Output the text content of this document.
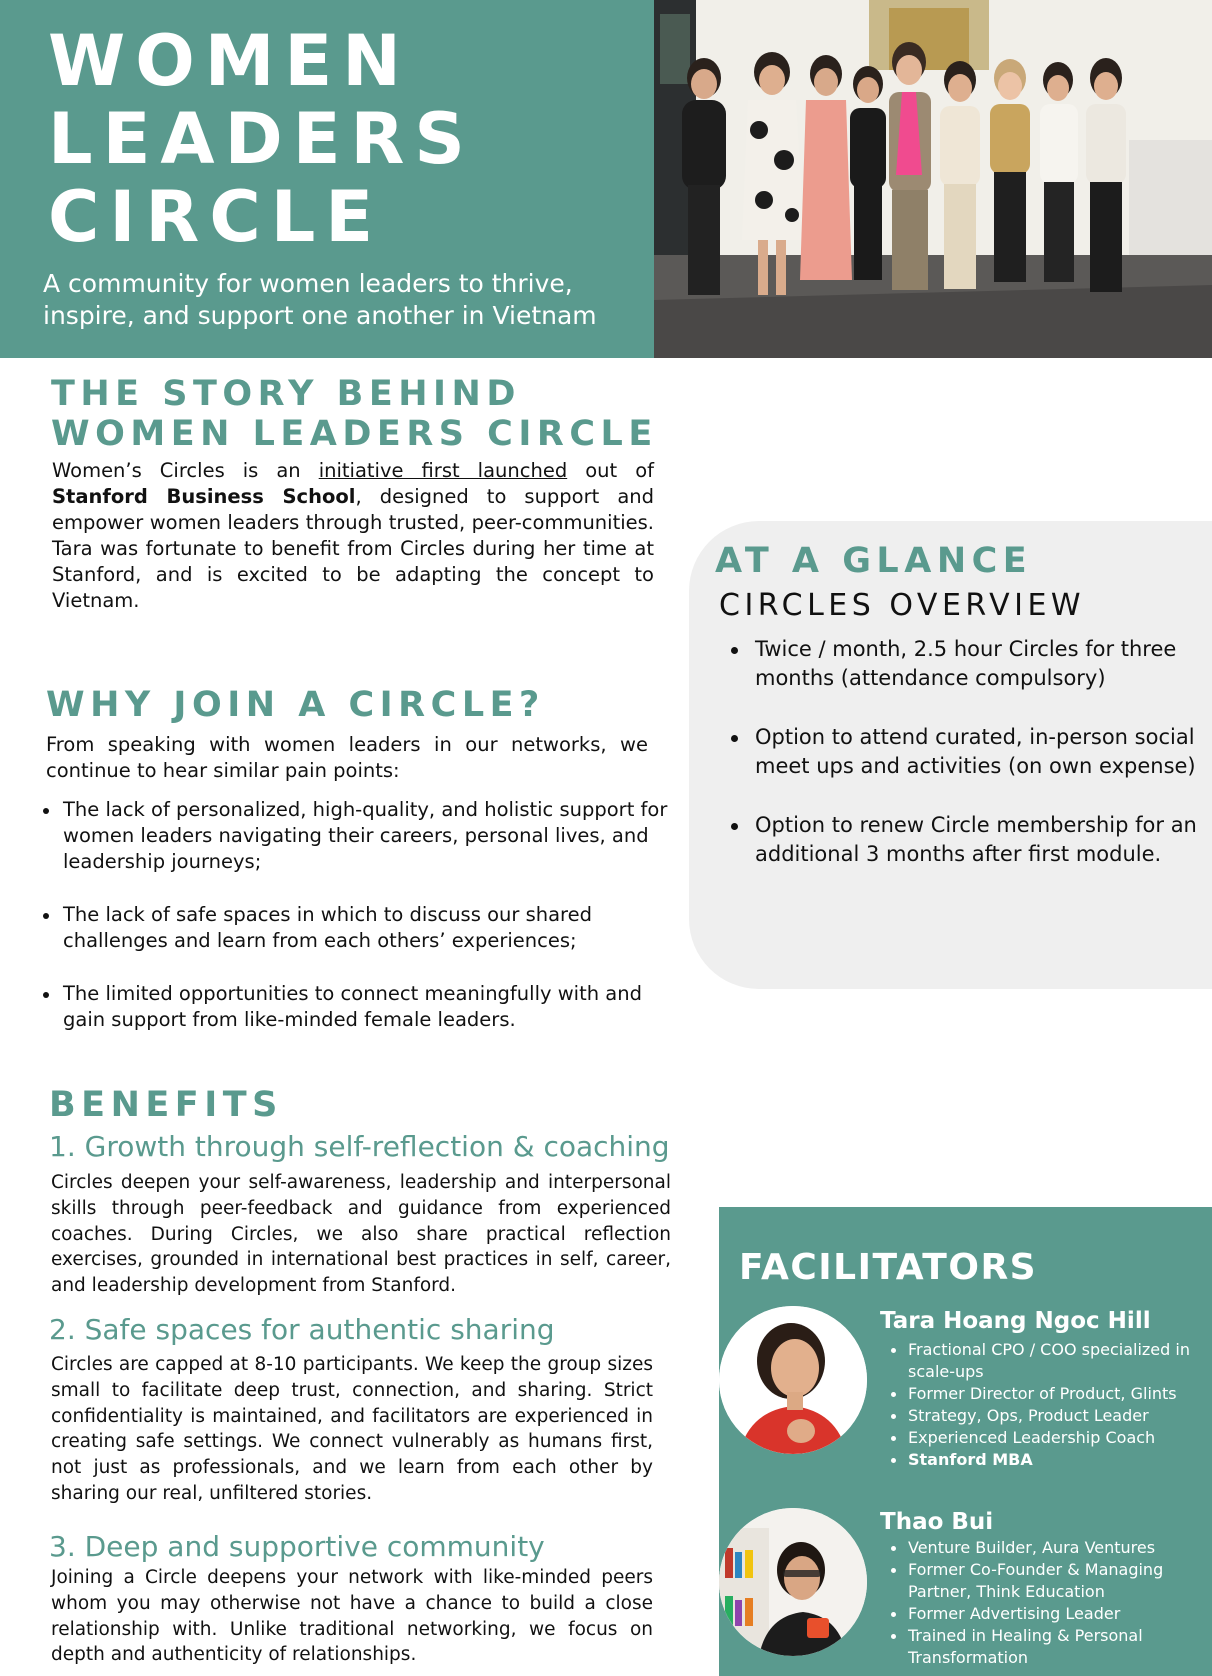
WOMEN
LEADERS
CIRCLE
A community for women leaders to thrive, inspire, and support one another in Vietnam
THE STORY BEHIND
WOMEN LEADERS CIRCLE

Women’s Circles is an initiative first launched out of Stanford Business School, designed to support and empower women leaders through trusted, peer-communities. Tara was fortunate to benefit from Circles during her time at Stanford, and is excited to be adapting the concept to Vietnam.

WHY JOIN A CIRCLE?

From speaking with women leaders in our networks, we continue to hear similar pain points:

The lack of personalized, high-quality, and holistic support for women leaders navigating their careers, personal lives, and leadership journeys;
The lack of safe spaces in which to discuss our shared challenges and learn from each others’ experiences;
The limited opportunities to connect meaningfully with and gain support from like-minded female leaders.
AT A GLANCE
CIRCLES OVERVIEW
Twice / month, 2.5 hour Circles for three months (attendance compulsory)
Option to attend curated, in-person social meet ups and activities (on own expense)
Option to renew Circle membership for an additional 3 months after first module.
BENEFITS
1. Growth through self-reflection & coaching

Circles deepen your self-awareness, leadership and interpersonal skills through peer-feedback and guidance from experienced coaches. During Circles, we also share practical reflection exercises, grounded in international best practices in self, career, and leadership development from Stanford.

2. Safe spaces for authentic sharing

Circles are capped at 8-10 participants. We keep the group sizes small to facilitate deep trust, connection, and sharing. Strict confidentiality is maintained, and facilitators are experienced in creating safe settings. We connect vulnerably as humans first, not just as professionals, and we learn from each other by sharing our real, unfiltered stories.

3. Deep and supportive community

Joining a Circle deepens your network with like-minded peers whom you may otherwise not have a chance to build a close relationship with. Unlike traditional networking, we focus on depth and authenticity of relationships.

FACILITATORS
Tara Hoang Ngoc Hill
Fractional CPO / COO specialized in scale-ups
Former Director of Product, Glints
Strategy, Ops, Product Leader
Experienced Leadership Coach
Stanford MBA
Thao Bui
Venture Builder, Aura Ventures
Former Co-Founder & Managing Partner, Think Education
Former Advertising Leader
Trained in Healing & Personal Transformation
